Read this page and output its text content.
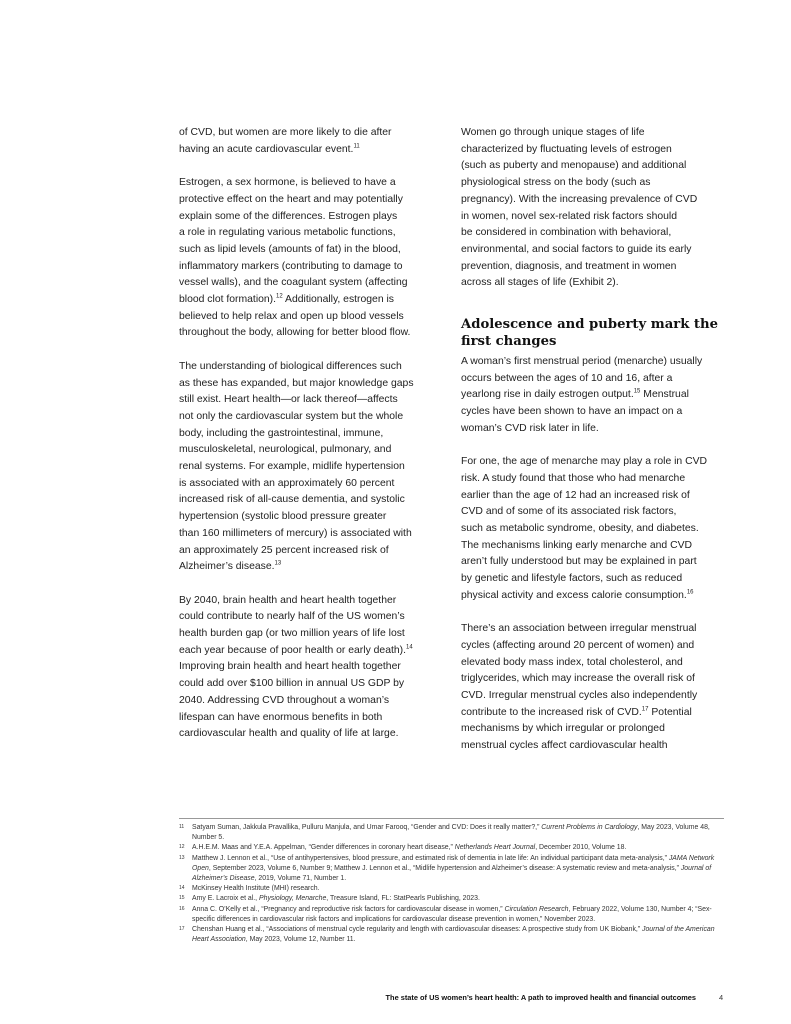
of CVD, but women are more likely to die after
having an acute cardiovascular event.$^{11}$

Estrogen, a sex hormone, is believed to have a
protective effect on the heart and may potentially
explain some of the differences. Estrogen plays
a role in regulating various metabolic functions,
such as lipid levels (amounts of fat) in the blood,
inflammatory markers (contributing to damage to
vessel walls), and the coagulant system (affecting
blood clot formation).$^{12}$ Additionally, estrogen is
believed to help relax and open up blood vessels
throughout the body, allowing for better blood flow.

The understanding of biological differences such
as these has expanded, but major knowledge gaps
still exist. Heart health—or lack thereof—affects
not only the cardiovascular system but the whole
body, including the gastrointestinal, immune,
musculoskeletal, neurological, pulmonary, and
renal systems. For example, midlife hypertension
is associated with an approximately 60 percent
increased risk of all-cause dementia, and systolic
hypertension (systolic blood pressure greater
than 160 millimeters of mercury) is associated with
an approximately 25 percent increased risk of
Alzheimer’s disease.$^{13}$

By 2040, brain health and heart health together
could contribute to nearly half of the US women’s
health burden gap (or two million years of life lost
each year because of poor health or early death).$^{14}$
Improving brain health and heart health together
could add over $100 billion in annual US GDP by
2040. Addressing CVD throughout a woman’s
lifespan can have enormous benefits in both
cardiovascular health and quality of life at large.

Women go through unique stages of life
characterized by fluctuating levels of estrogen
(such as puberty and menopause) and additional
physiological stress on the body (such as
pregnancy). With the increasing prevalence of CVD
in women, novel sex-related risk factors should
be considered in combination with behavioral,
environmental, and social factors to guide its early
prevention, diagnosis, and treatment in women
across all stages of life (Exhibit 2).

Adolescence and puberty mark the
first changes

A woman’s first menstrual period (menarche) usually
occurs between the ages of 10 and 16, after a
yearlong rise in daily estrogen output.$^{15}$ Menstrual
cycles have been shown to have an impact on a
woman’s CVD risk later in life.

For one, the age of menarche may play a role in CVD
risk. A study found that those who had menarche
earlier than the age of 12 had an increased risk of
CVD and of some of its associated risk factors,
such as metabolic syndrome, obesity, and diabetes.
The mechanisms linking early menarche and CVD
aren’t fully understood but may be explained in part
by genetic and lifestyle factors, such as reduced
physical activity and excess calorie consumption.$^{16}$

There’s an association between irregular menstrual
cycles (affecting around 20 percent of women) and
elevated body mass index, total cholesterol, and
triglycerides, which may increase the overall risk of
CVD. Irregular menstrual cycles also independently
contribute to the increased risk of CVD.$^{17}$ Potential
mechanisms by which irregular or prolonged
menstrual cycles affect cardiovascular health

11	Satyam Suman, Jakkula Pravallika, Pulluru Manjula, and Umar Farooq, “Gender and CVD: Does it really matter?,” Current Problems in Cardiology, May 2023, Volume 48, Number 5.
12	A.H.E.M. Maas and Y.E.A. Appelman, “Gender differences in coronary heart disease,” Netherlands Heart Journal, December 2010, Volume 18.
13	Matthew J. Lennon et al., “Use of antihypertensives, blood pressure, and estimated risk of dementia in late life: An individual participant data meta-analysis,” JAMA Network Open, September 2023, Volume 6, Number 9; Matthew J. Lennon et al., “Midlife hypertension and Alzheimer’s disease: A systematic review and meta-analysis,” Journal of Alzheimer’s Disease, 2019, Volume 71, Number 1.
14	McKinsey Health Institute (MHI) research.
15	Amy E. Lacroix et al., Physiology, Menarche, Treasure Island, FL: StatPearls Publishing, 2023.
16	Anna C. O’Kelly et al., “Pregnancy and reproductive risk factors for cardiovascular disease in women,” Circulation Research, February 2022, Volume 130, Number 4; “Sex-specific differences in cardiovascular risk factors and implications for cardiovascular disease prevention in women,” November 2023.
17	Chenshan Huang et al., “Associations of menstrual cycle regularity and length with cardiovascular diseases: A prospective study from UK Biobank,” Journal of the American Heart Association, May 2023, Volume 12, Number 11.
The state of US women’s heart health: A path to improved health and financial outcomes	4
